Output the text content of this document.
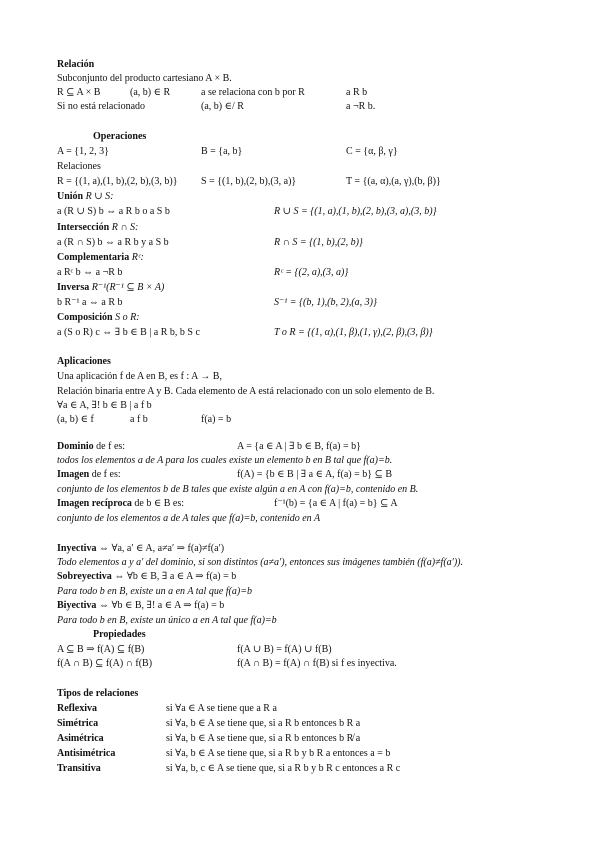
Relación
Subconjunto del producto cartesiano A × B.
R ⊆ A × B	(a, b) ∈ R	a se relaciona con b por R	a R b
Si no está relacionado	(a, b) ∈/ R	a ¬R b.
Operaciones
A = {1, 2, 3}	B = {a, b}	C = {α, β, γ}
Relaciones
R = {(1, a),(1, b),(2, b),(3, b)} S = {(1, b),(2, b),(3, a)}	T = {(a, α),(a, γ),(b, β)}
Unión R ∪ S:
a (R ∪ S) b ⇔ a R b o a S b	R ∪ S = {(1, a),(1, b),(2, b),(3, a),(3, b)}
Intersección R ∩ S:
a (R ∩ S) b ⇔ a R b y a S b	R ∩ S = {(1, b),(2, b)}
Complementaria Rᶜ:
a Rᶜ b ⇔ a ¬R b	Rᶜ = {(2, a),(3, a)}
Inversa R⁻¹(R⁻¹ ⊆ B × A)
b R⁻¹ a ⇔ a R b	S⁻¹ = {(b, 1),(b, 2),(a, 3)}
Composición S o R:
a (S o R) c ⇔ ∃ b ∈ B | a R b, b S c	T o R = {(1, α),(1, β),(1, γ),(2, β),(3, β)}
Aplicaciones
Una aplicación f de A en B, es f : A → B,
Relación binaria entre A y B. Cada elemento de A está relacionado con un solo elemento de B.
∀a ∈ A, ∃! b ∈ B | a f b
(a, b) ∈ f	a f b	f(a) = b
Dominio de f es:	A = {a ∈ A | ∃ b ∈ B, f(a) = b}
todos los elementos a de A para los cuales existe un elemento b en B tal que f(a)=b.
Imagen de f es:	f(A) = {b ∈ B | ∃ a ∈ A, f(a) = b} ⊆ B
conjunto de los elementos b de B tales que existe algún a en A con f(a)=b, contenido en B.
Imagen recíproca de b ∈ B es:	f⁻¹(b) = {a ∈ A | f(a) = b} ⊆ A
conjunto de los elementos a de A tales que f(a)=b, contenido en A
Inyectiva ⇔ ∀a, a′ ∈ A, a≠a′ ⇒ f(a)≠f(a′)
Todo elementos a y a′ del dominio, si son distintos (a≠a′), entonces sus imágenes también (f(a)≠f(a′)).
Sobreyectiva ⇔ ∀b ∈ B, ∃ a ∈ A ⇒ f(a) = b
Para todo b en B, existe un a en A tal que f(a)=b
Biyectiva ⇔ ∀b ∈ B, ∃! a ∈ A ⇒ f(a) = b
Para todo b en B, existe un único a en A tal que f(a)=b
Propiedades
A ⊆ B ⇒ f(A) ⊆ f(B)	f(A ∪ B) = f(A) ∪ f(B)
f(A ∩ B) ⊆ f(A) ∩ f(B)	f(A ∩ B) = f(A) ∩ f(B) si f es inyectiva.
Tipos de relaciones
Reflexiva	si ∀a ∈ A se tiene que a R a
Simétrica	si ∀a, b ∈ A se tiene que, si a R b entonces b R a
Asimétrica	si ∀a, b ∈ A se tiene que, si a R b entonces b R̸ a
Antisimétrica	si ∀a, b ∈ A se tiene que, si a R b y b R a entonces a = b
Transitiva	si ∀a, b, c ∈ A se tiene que, si a R b y b R c entonces a R c
